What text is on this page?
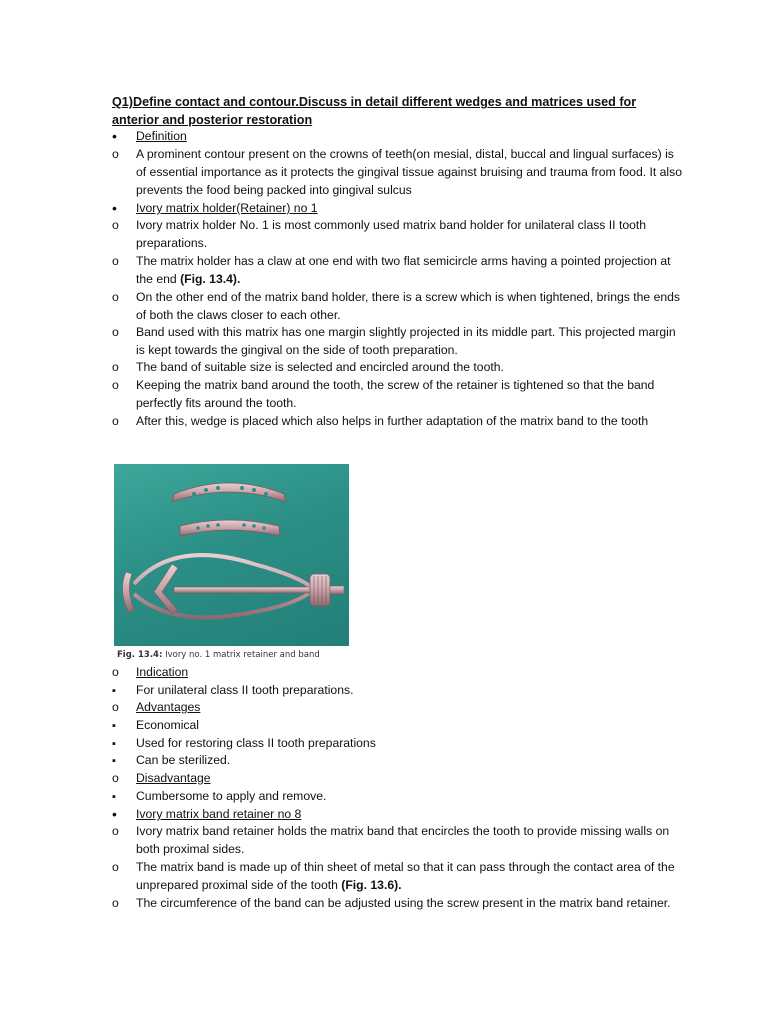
Q1)Define contact and contour.Discuss in detail different wedges and matrices used for anterior and posterior restoration
•
Definition
o
A prominent contour present on the crowns of teeth(on mesial, distal, buccal and lingual surfaces) is of essential importance as it protects the gingival tissue against bruising and trauma from food. It also prevents the food being packed into gingival sulcus
•
Ivory matrix holder(Retainer) no 1
o
Ivory matrix holder No. 1 is most commonly used matrix band holder for unilateral class II tooth preparations.
o
The matrix holder has a claw at one end with two flat semicircle arms having a pointed projection at the end (Fig. 13.4).
o
On the other end of the matrix band holder, there is a screw which is when tightened, brings the ends of both the claws closer to each other.
o
Band used with this matrix has one margin slightly projected in its middle part. This projected margin is kept towards the gingival on the side of tooth preparation.
o
The band of suitable size is selected and encircled around the tooth.
o
Keeping the matrix band around the tooth, the screw of the retainer is tightened so that the band perfectly fits around the tooth.
o
After this, wedge is placed which also helps in further adaptation of the matrix band to the tooth
Fig. 13.4: Ivory no. 1 matrix retainer and band
o
Indication
▪
For unilateral class II tooth preparations.
o
Advantages
▪
Economical
▪
Used for restoring class II tooth preparations
▪
Can be sterilized.
o
Disadvantage
▪
Cumbersome to apply and remove.
•
Ivory matrix band retainer no 8
o
Ivory matrix band retainer holds the matrix band that encircles the tooth to provide missing walls on both proximal sides.
o
The matrix band is made up of thin sheet of metal so that it can pass through the contact area of the unprepared proximal side of the tooth (Fig. 13.6).
o
The circumference of the band can be adjusted using the screw present in the matrix band retainer.
